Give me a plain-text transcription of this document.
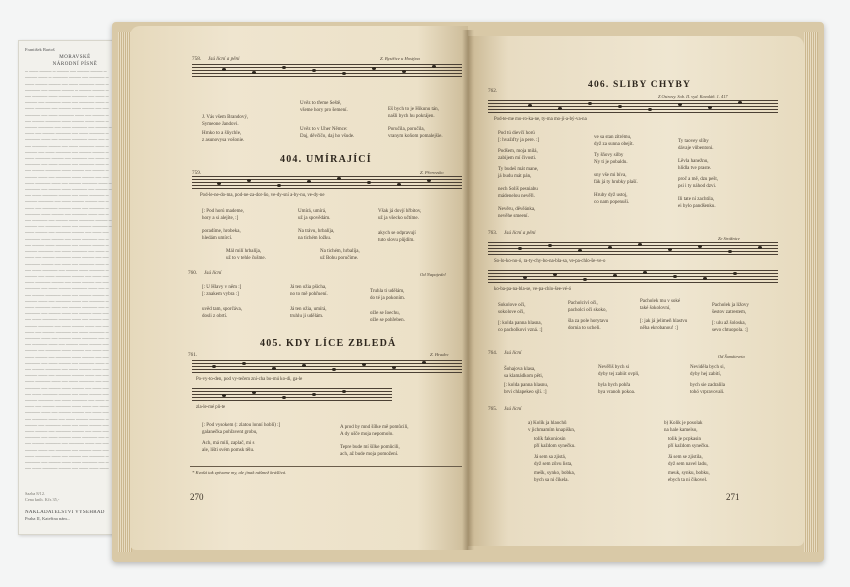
František Bartoš
MORAVSKÉ
NÁRODNÍ PÍSNĚ
─ ─── ──── ─ ──── ── ──── ──── ─
──── ─── ─ ───── ──── ── ───── ─
─── ──── ──── ── ─── ───── ─── ─
───── ── ──── ──── ─ ──── ──── ─
── ───── ─── ──── ───── ── ─── ─
──── ── ───── ─── ── ───── ─── ─
─── ───── ── ──── ─── ──── ── ──
───── ── ─── ───── ─── ── ──── ─
── ──── ───── ─── ──── ─── ─── ─
──── ───── ── ─── ───── ── ──── ─
─── ── ──── ───── ── ─── ───── ─
───── ─── ── ──── ───── ─── ── ─
── ───── ──── ── ─── ───── ─── ─
──── ── ─── ───── ── ──── ──── ─
─── ───── ──── ── ───── ── ─── ─
───── ── ─── ──── ── ───── ─── ─
── ──── ───── ─── ──── ── ──── ─
──── ─── ── ───── ─── ──── ── ──
─── ───── ─── ── ──── ───── ─── ─
───── ── ──── ─── ───── ── ──── ─
── ─── ───── ──── ── ─── ───── ─
──── ───── ── ─── ──── ──── ── ─
─── ── ───── ──── ─── ── ───── ─
───── ─── ──── ── ───── ─── ── ─
── ───── ── ──── ─── ───── ──── ─
──── ── ───── ─── ── ──── ───── ─
─── ──── ── ───── ──── ── ─── ──
───── ─── ──── ── ─── ───── ── ─
── ──── ─── ───── ── ──── ──── ─
──── ───── ── ─── ───── ── ─── ─
─── ── ──── ───── ─── ──── ── ──
───── ──── ── ─── ── ───── ─── ─
── ─── ───── ── ──── ─── ───── ─
──── ── ─── ───── ──── ── ─── ──
─── ───── ──── ── ─── ──── ── ──
───── ── ─── ──── ───── ─── ── ─
── ──── ───── ─── ── ──── ──── ─
──── ─── ── ───── ─── ── ───── ─
─── ───── ─── ── ──── ───── ── ─
───── ── ──── ─── ── ──── ─── ──
── ─── ───── ──── ─── ── ──── ──
──── ───── ── ─── ──── ─── ── ──
─── ── ──── ───── ── ─── ───── ─
───── ─── ── ──── ─── ───── ── ─
── ───── ─── ── ──── ─── ──── ──
──── ── ───── ─── ──── ── ─── ──
─── ──── ── ───── ─── ──── ── ──
───── ── ─── ──── ── ───── ─── ─
── ──── ───── ── ─── ──── ─── ──
──── ─── ── ───── ──── ─── ── ──
─── ───── ─── ── ─── ───── ── ──
───── ── ──── ─── ──── ── ─── ──
── ─── ───── ──── ── ─── ──── ──
──── ───── ── ─── ───── ── ─── ─
─── ── ──── ───── ─── ─── ── ───
───── ─── ── ──── ──── ── ─── ──
── ───── ─── ── ─── ──── ───── ─
──── ── ───── ─── ── ─── ──── ──
─── ──── ── ───── ──── ── ─── ──
───── ── ─── ──── ─── ───── ── ─
── ──── ───── ── ───── ─── ── ──
──── ─── ── ───── ── ──── ─── ──
─── ───── ─── ── ──── ── ───── ─
───── ── ──── ─── ─── ───── ── ─
── ─── ───── ──── ── ─── ─── ───
Sazba 8/12.
Cena knih. Kčs 35,-
NAKLADATELSTVÍ VYŠEHRAD
Praha II, Kateřina nám...
758. Jsú lícní a pěni	Z. Bystřice u Hostýna
J. Vás všem Brandový,
Symeone Jandovi.
Uvěz to třeme Seště,
všeme hory pro šemení.	Eš bych to je Hikunu tán,
našli bych hu pokrájen.
Hrnko to a šňychle,
z asunovysa vošonie.
Uvěz to v Uher Němce:
Daj, děvčíčo, daj ho všude.
Poručila, poručila,
vranym koňom pomalejšie.
404. UMÍRAJÍCÍ
759.	Z. Přerovsko
Pod-le-ne-do-ma, pod-ne-za-dor-ňo, ve-dy-sní a-by-nu, ve-dy-ne
[: Pod horú mademe,
hory a si alejíte, :]
Umírá, umírá,
už ja spovědám.
Však já dovjí hřbitov,
už ja všecko učtíme.
poradíme, hrobeka,
hledám umírcí.
Na trávu, hrbalíja,
na tichém ložku.
akych se odpravují
tuto slovu půjdím.
Mál milí hrbalíja,
už to v tehle čušme.
Na tichém, hrbalíja,
už Bohu poručíme.
760. Jsú lícní	Od Napajedel
[: U Hlavy v něm :]
[: znakem vybra :]
Já ten ožia pšicha,
no to mě pohřuení.
Truhla ti udělám,
do té ja pokoním.
uvěd tam, sporčáva,
dosli z obrtí.
Já ten ožia, umírá,
truhlu ji udělám.
ožle se Ioechu,
ožle se pohřeben.
405. KDY LÍCE ZBLEDÁ
761.	Z. Hradec
Po-vy-to-den, pod vy-tečem zní-cha bo-mú ko-di, ga-le
zla-le-mé pů-te
[: Pod vysokem (: zlatou lonní hoblí) :]
galanečka pohřavent grobu,
A prod by mnd šílke mě pomůcili,
A dy ušče moja nepomolo.
Ach, má milí, zaplač, mi s
ale, lišti svém pomsk tělu.
Tepre bude mí šílke pomůcili,
ach, až bude moja pomožení.
* Kvašá tak zpívame my, ale jinak nášmež krášlivá.
270
406. SLIBY CHYBY
762.
Z Ostravy. Sob. II. vyd. Kavaláň. 1. 417
Pod-te-me mo-ro-ka-ne, ty-ma mo-jí-a-bý-va-na
Pod tú dievčí horú
[: hvažďty ja pere. :]
ve sa stan zítrému,
dyž za sunna obejít.
Ty taovey slíby
dávaje vůbentoni.
Podšem, moja milá,
zabijem mí čivosti.
Ty šňovy silby
Ny ti je pobaldu.	Lěvla hanežnu,
hlídla tve praste.
Ty budeš mát mane,
já budu mát pán,	sny vše mi bíva,
fák já ty hrubky plaší.
proč a mě, dzu pešt,
psi i ty náhod dzvi.
nech Solíš pesniabu
mádenelou nevěři.	Hruby dyž ustoj,
co nam popenuši.
Ili tate ní zachtila,
ei bylo pandšenku.
Nevěru, děvěánka,
nevěhe smeení.
763. Jsú lícní a pěni
Ze Strážnice
So-lo-ko-no-ó, ra-ty-chy-bo-na-bla-sa, ve-pa-chlo-še-ve-o
ko-ba-pa-na-bla-se, ve-pa-chlo-šee-vé-ó
Sokolove oči,
sokolove oči,
Pacholciví oči,
pacholci oči skoko,
Pacholek mu v soké
také šokolovní,
Pacholek ja ližovy
šestov zatrestem,
[: kolda panna hlasna,
co pacholkovi vzná. :]
šla za pole horytavu
dornia to ucheli.
[: jak já jelimeň hlastvu
něha ekrobanou! :]
[: ulu až šoloska,
sevo chtuopola. :]
764. Jsú lícní
Od Šumáteveta
Šohajova klasa,
sa klamádkom pěti,
Nevěřiš bych si
dyby tej zabiit ovpli,
Neviděla bych si,
dyby hej zabití,
[: kolda panna hlasnu,
brvi chlapekeo sjlí. :]
byla bych pohřa
bya vranoh pokoa.
bych sie zadralila
tohó vrpravovali.
765. Jsú lícní
a) Kolík ja hlaochů
v jichmamím knapiškn,
tolík fakoniosin
pří každom synečku.
Já sem sa zjistá,
dyž sem zůvu lista,
mešk, synko, bobka,
bych sa ni čikela.
b) Kolik je posolak
na hale kamelso,
tolik je pcpkasin
pří každom synečku.
Jä sem se zjistila,
dyž sem navel ladu,
meuk, synku, bobku,
ebych ta ni čikovel.
271
